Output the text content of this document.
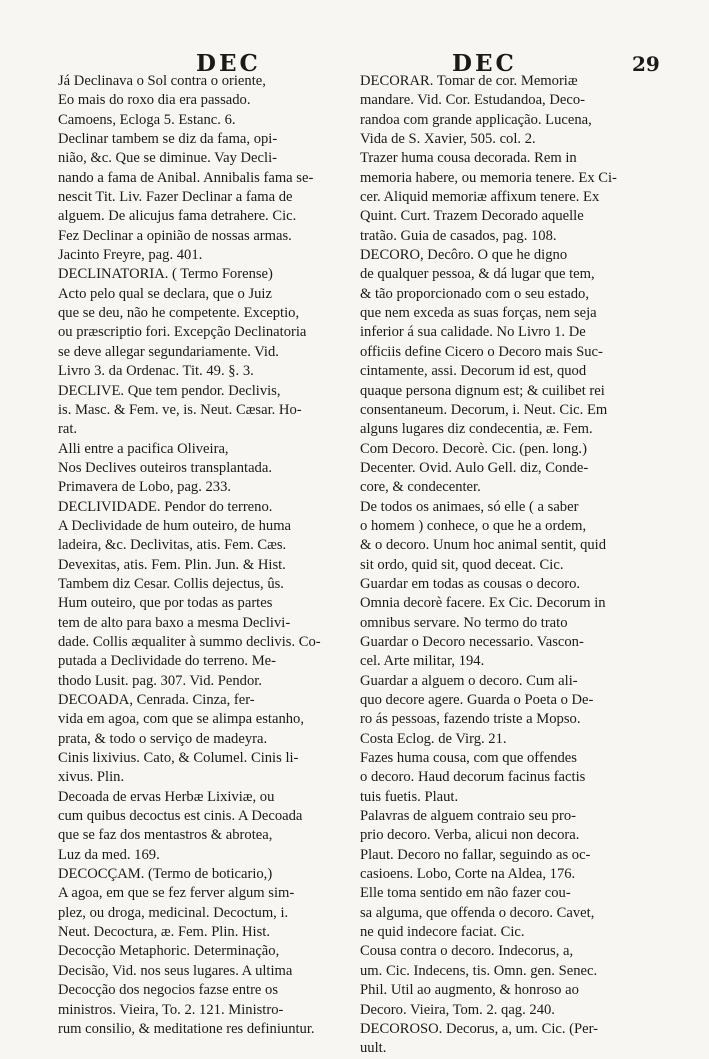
DEC	DEC	29
Já Declinava o Sol contra o oriente,
Eo mais do roxo dia era passado.
Camoens, Ecloga 5. Estanc. 6.
Declinar tambem se diz da fama, opi-
nião, &c. Que se diminue. Vay Decli-
nando a fama de Anibal. Annibalis fama se-
nescit Tit. Liv. Fazer Declinar a fama de
alguem. De alicujus fama detrahere. Cic.
Fez Declinar a opinião de nossas armas.
Jacinto Freyre, pag. 401.
DECLINATORIA. ( Termo Forense)
Acto pelo qual se declara, que o Juiz
que se deu, não he competente. Exceptio,
ou præscriptio fori. Excepção Declinatoria
se deve allegar segundariamente. Vid.
Livro 3. da Ordenac. Tit. 49. §. 3.
DECLIVE. Que tem pendor. Declivis,
is. Masc. & Fem. ve, is. Neut. Cæsar. Ho-
rat.
Alli entre a pacifica Oliveira,
Nos Declives outeiros transplantada.
Primavera de Lobo, pag. 233.
DECLIVIDADE. Pendor do terreno.
A Declividade de hum outeiro, de huma
ladeira, &c. Declivitas, atis. Fem. Cæs.
Devexitas, atis. Fem. Plin. Jun. & Hist.
Tambem diz Cesar. Collis dejectus, ûs.
Hum outeiro, que por todas as partes
tem de alto para baxo a mesma Declivi-
dade. Collis æqualiter à summo declivis. Co-
putada a Declividade do terreno. Me-
thodo Lusit. pag. 307. Vid. Pendor.
DECOADA, Cenrada. Cinza, fer-
vida em agoa, com que se alimpa estanho,
prata, & todo o serviço de madeyra.
Cinis lixivius. Cato, & Columel. Cinis li-
xivus. Plin.
Decoada de ervas Herbæ Lixiviæ, ou
cum quibus decoctus est cinis. A Decoada
que se faz dos mentastros & abrotea,
Luz da med. 169.
DECOCÇAM. (Termo de boticario,)
A agoa, em que se fez ferver algum sim-
plez, ou droga, medicinal. Decoctum, i.
Neut. Decoctura, æ. Fem. Plin. Hist.
Decocção Metaphoric. Determinação,
Decisão, Vid. nos seus lugares. A ultima
Decocção dos negocios fazse entre os
ministros. Vieira, To. 2. 121. Ministro-
rum consilio, & meditatione res definiuntur.
DECORAR. Tomar de cor. Memoriæ
mandare. Vid. Cor. Estudandoa, Deco-
randoa com grande applicação. Lucena,
Vida de S. Xavier, 505. col. 2.
Trazer huma cousa decorada. Rem in
memoria habere, ou memoria tenere. Ex Ci-
cer. Aliquid memoriæ affixum tenere. Ex
Quint. Curt. Trazem Decorado aquelle
tratão. Guia de casados, pag. 108.
DECORO, Decôro. O que he digno
de qualquer pessoa, & dá lugar que tem,
& tão proporcionado com o seu estado,
que nem exceda as suas forças, nem seja
inferior á sua calidade. No Livro 1. De
officiis define Cicero o Decoro mais Suc-
cintamente, assi. Decorum id est, quod
quaque persona dignum est; & cuilibet rei
consentaneum. Decorum, i. Neut. Cic. Em
alguns lugares diz condecentia, æ. Fem.
Com Decoro. Decorè. Cic. (pen. long.)
Decenter. Ovid. Aulo Gell. diz, Conde-
core, & condecenter.
De todos os animaes, só elle ( a saber
o homem ) conhece, o que he a ordem,
& o decoro. Unum hoc animal sentit, quid
sit ordo, quid sit, quod deceat. Cic.
Guardar em todas as cousas o decoro.
Omnia decorè facere. Ex Cic. Decorum in
omnibus servare. No termo do trato
Guardar o Decoro necessario. Vascon-
cel. Arte militar, 194.
Guardar a alguem o decoro. Cum ali-
quo decore agere. Guarda o Poeta o De-
ro ás pessoas, fazendo triste a Mopso.
Costa Eclog. de Virg. 21.
Fazes huma cousa, com que offendes
o decoro. Haud decorum facinus factis
tuis fuetis. Plaut.
Palavras de alguem contraio seu pro-
prio decoro. Verba, alicui non decora.
Plaut. Decoro no fallar, seguindo as oc-
casioens. Lobo, Corte na Aldea, 176.
Elle toma sentido em não fazer cou-
sa alguma, que offenda o decoro. Cavet,
ne quid indecore faciat. Cic.
Cousa contra o decoro. Indecorus, a,
um. Cic. Indecens, tis. Omn. gen. Senec.
Phil. Util ao augmento, & honroso ao
Decoro. Vieira, Tom. 2. qag. 240.
DECOROSO. Decorus, a, um. Cic. (Per-
uult.
